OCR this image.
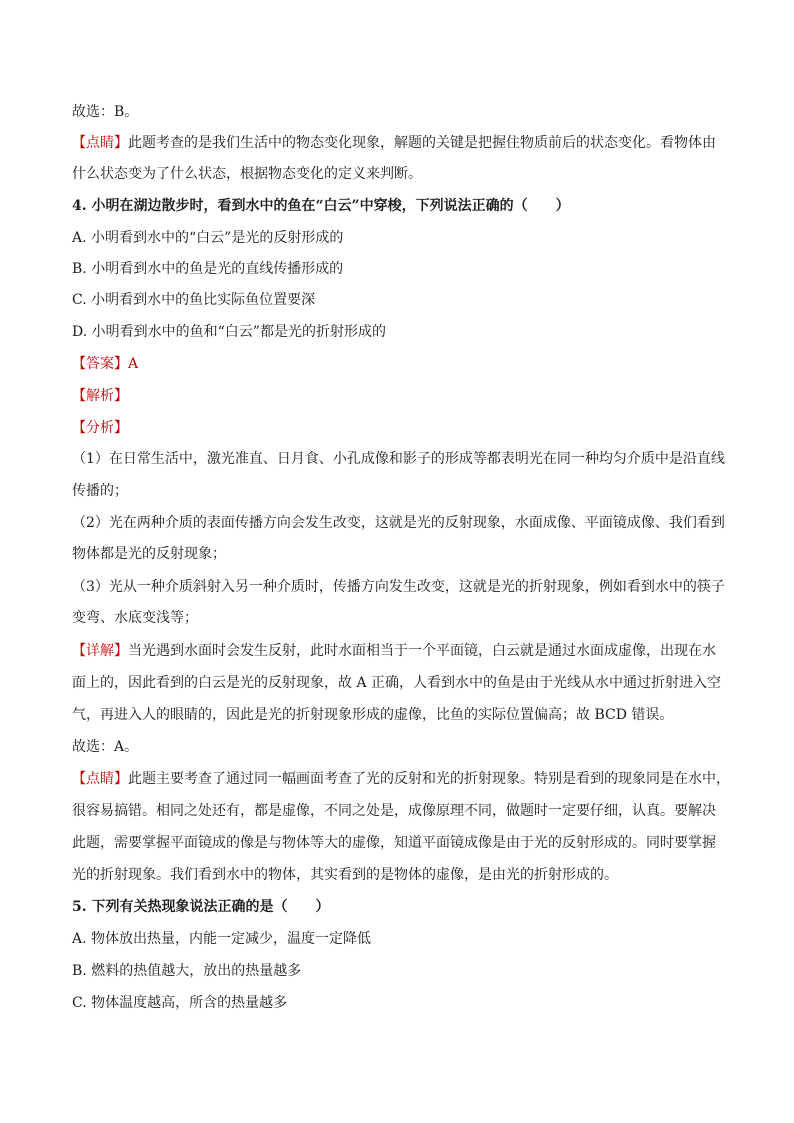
故选：B。
【点睛】此题考查的是我们生活中的物态变化现象，解题的关键是把握住物质前后的状态变化。看物体由
什么状态变为了什么状态，根据物态变化的定义来判断。
4. 小明在湖边散步时，看到水中的鱼在“白云”中穿梭，下列说法正确的（　　）
A. 小明看到水中的“白云”是光的反射形成的
B. 小明看到水中的鱼是光的直线传播形成的
C. 小明看到水中的鱼比实际鱼位置要深
D. 小明看到水中的鱼和“白云”都是光的折射形成的
【答案】A
【解析】
【分析】
（1）在日常生活中，激光准直、日月食、小孔成像和影子的形成等都表明光在同一种均匀介质中是沿直线
传播的；
（2）光在两种介质的表面传播方向会发生改变，这就是光的反射现象，水面成像、平面镜成像、我们看到
物体都是光的反射现象；
（3）光从一种介质斜射入另一种介质时，传播方向发生改变，这就是光的折射现象，例如看到水中的筷子
变弯、水底变浅等；
【详解】当光遇到水面时会发生反射，此时水面相当于一个平面镜，白云就是通过水面成虚像，出现在水
面上的，因此看到的白云是光的反射现象，故 A 正确，人看到水中的鱼是由于光线从水中通过折射进入空
气，再进入人的眼睛的，因此是光的折射现象形成的虚像，比鱼的实际位置偏高；故 BCD 错误。
故选：A。
【点睛】此题主要考查了通过同一幅画面考查了光的反射和光的折射现象。特别是看到的现象同是在水中，
很容易搞错。相同之处还有，都是虚像，不同之处是，成像原理不同，做题时一定要仔细，认真。要解决
此题，需要掌握平面镜成的像是与物体等大的虚像，知道平面镜成像是由于光的反射形成的。同时要掌握
光的折射现象。我们看到水中的物体，其实看到的是物体的虚像，是由光的折射形成的。
5. 下列有关热现象说法正确的是（　　）
A. 物体放出热量，内能一定减少，温度一定降低
B. 燃料的热值越大，放出的热量越多
C. 物体温度越高，所含的热量越多
